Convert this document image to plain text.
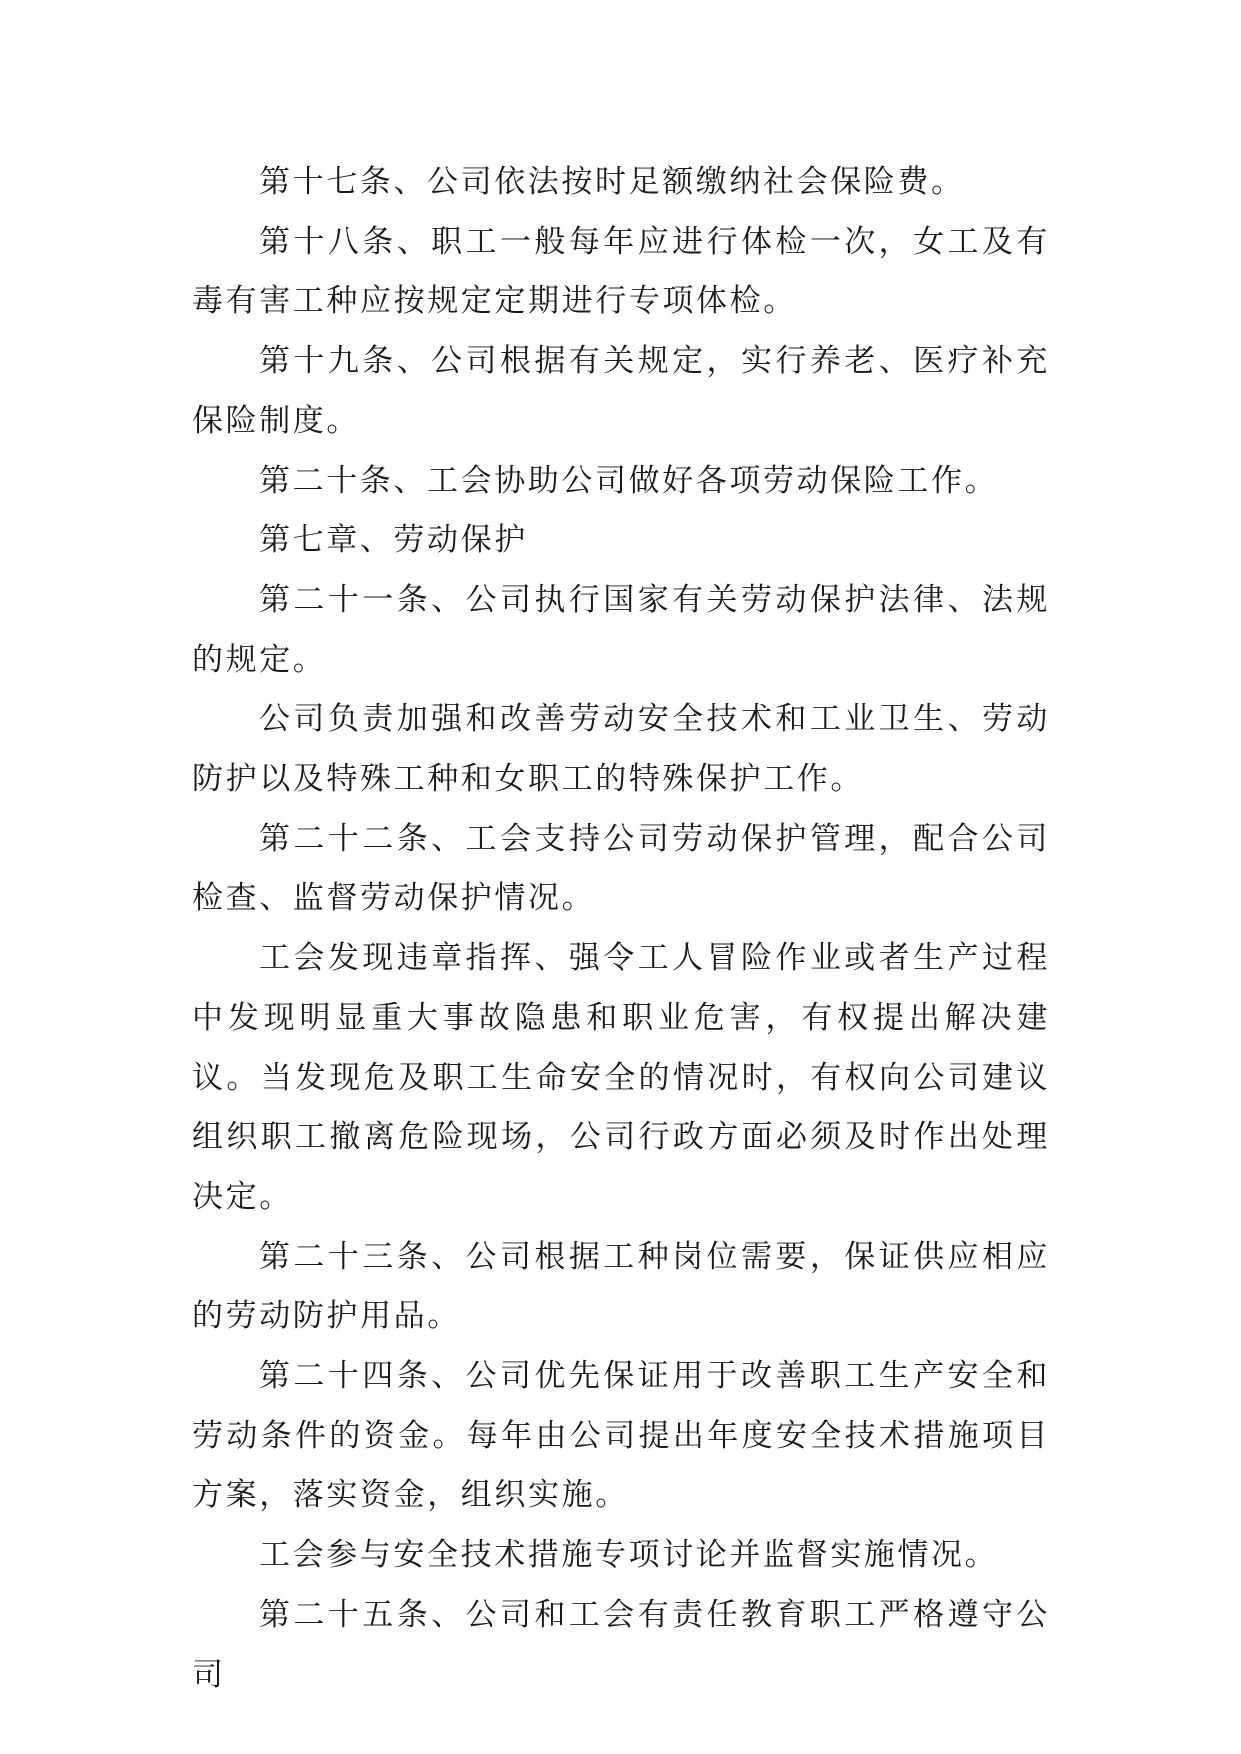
第十七条、公司依法按时足额缴纳社会保险费。

第十八条、职工一般每年应进行体检一次，女工及有毒有害工种应按规定定期进行专项体检。

第十九条、公司根据有关规定，实行养老、医疗补充保险制度。

第二十条、工会协助公司做好各项劳动保险工作。

第七章、劳动保护

第二十一条、公司执行国家有关劳动保护法律、法规的规定。

公司负责加强和改善劳动安全技术和工业卫生、劳动防护以及特殊工种和女职工的特殊保护工作。

第二十二条、工会支持公司劳动保护管理，配合公司检查、监督劳动保护情况。

工会发现违章指挥、强令工人冒险作业或者生产过程中发现明显重大事故隐患和职业危害，有权提出解决建议。当发现危及职工生命安全的情况时，有权向公司建议组织职工撤离危险现场，公司行政方面必须及时作出处理决定。

第二十三条、公司根据工种岗位需要，保证供应相应的劳动防护用品。

第二十四条、公司优先保证用于改善职工生产安全和劳动条件的资金。每年由公司提出年度安全技术措施项目方案，落实资金，组织实施。

工会参与安全技术措施专项讨论并监督实施情况。

第二十五条、公司和工会有责任教育职工严格遵守公司
